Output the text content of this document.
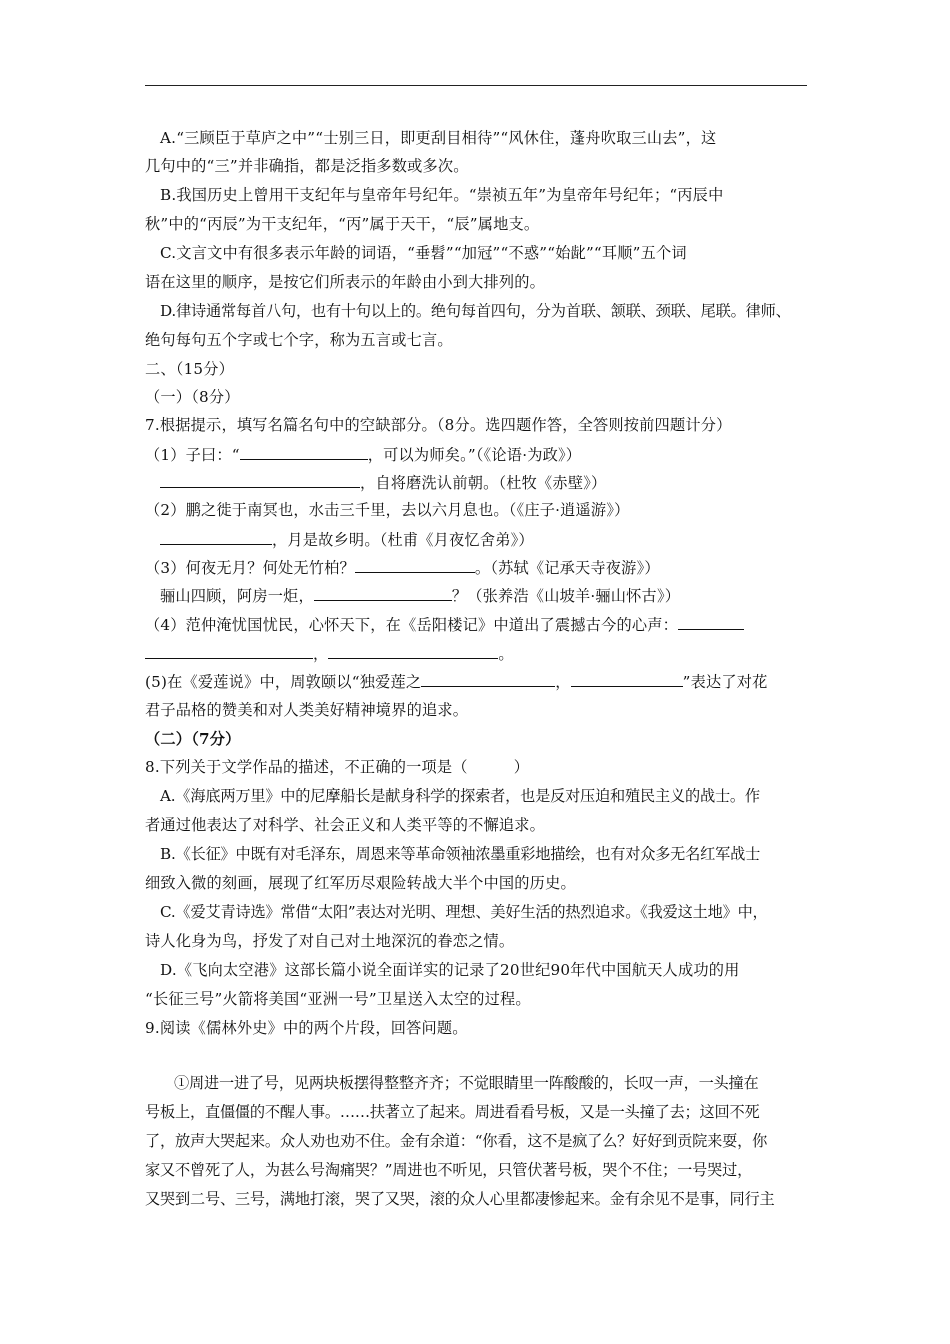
A.“三顾臣于草庐之中”“士别三日，即更刮目相待”“风休住，蓬舟吹取三山去”，这
几句中的“三”并非确指，都是泛指多数或多次。
B.我国历史上曾用干支纪年与皇帝年号纪年。“崇祯五年”为皇帝年号纪年；“丙辰中
秋”中的“丙辰”为干支纪年，“丙”属于天干，“辰”属地支。
C.文言文中有很多表示年龄的词语，“垂髫”“加冠”“不惑”“始龀”“耳顺”五个词
语在这里的顺序，是按它们所表示的年龄由小到大排列的。
D.律诗通常每首八句，也有十句以上的。绝句每首四句，分为首联、颔联、颈联、尾联。律师、
绝句每句五个字或七个字，称为五言或七言。
二、（15分）
（一）（8分）
7.根据提示，填写名篇名句中的空缺部分。（8分。选四题作答，全答则按前四题计分）
（1）子曰：“	，可以为师矣。”（《论语·为政》）
，自将磨洗认前朝。（杜牧《赤壁》）
（2）鹏之徙于南冥也，水击三千里，去以六月息也。（《庄子·逍遥游》）
，月是故乡明。（杜甫《月夜忆舍弟》）
（3）何夜无月？何处无竹柏？	。（苏轼《记承天寺夜游》）
骊山四顾，阿房一炬，	？（张养浩《山坡羊·骊山怀古》）
（4）范仲淹忧国忧民，心怀天下，在《岳阳楼记》中道出了震撼古今的心声：
，	。
(5)在《爱莲说》中，周敦颐以“独爱莲之	，	”表达了对花
君子品格的赞美和对人类美好精神境界的追求。
（二）（7分）
8.下列关于文学作品的描述，不正确的一项是（　　　）
A.《海底两万里》中的尼摩船长是献身科学的探索者，也是反对压迫和殖民主义的战士。作
者通过他表达了对科学、社会正义和人类平等的不懈追求。
B.《长征》中既有对毛泽东，周恩来等革命领袖浓墨重彩地描绘，也有对众多无名红军战士
细致入微的刻画，展现了红军历尽艰险转战大半个中国的历史。
C.《爱艾青诗选》常借“太阳”表达对光明、理想、美好生活的热烈追求。《我爱这土地》中，
诗人化身为鸟，抒发了对自己对土地深沉的眷恋之情。
D.《飞向太空港》这部长篇小说全面详实的记录了20世纪90年代中国航天人成功的用
“长征三号”火箭将美国“亚洲一号”卫星送入太空的过程。
9.阅读《儒林外史》中的两个片段，回答问题。
①周进一进了号，见两块板摆得整整齐齐；不觉眼睛里一阵酸酸的，长叹一声，一头撞在
号板上，直僵僵的不醒人事。……扶著立了起来。周进看看号板，又是一头撞了去；这回不死
了，放声大哭起来。众人劝也劝不住。金有余道：“你看，这不是疯了么？好好到贡院来耍，你
家又不曾死了人，为甚么号淘痛哭？”周进也不听见，只管伏著号板，哭个不住；一号哭过，
又哭到二号、三号，满地打滚，哭了又哭，滚的众人心里都凄惨起来。金有余见不是事，同行主
